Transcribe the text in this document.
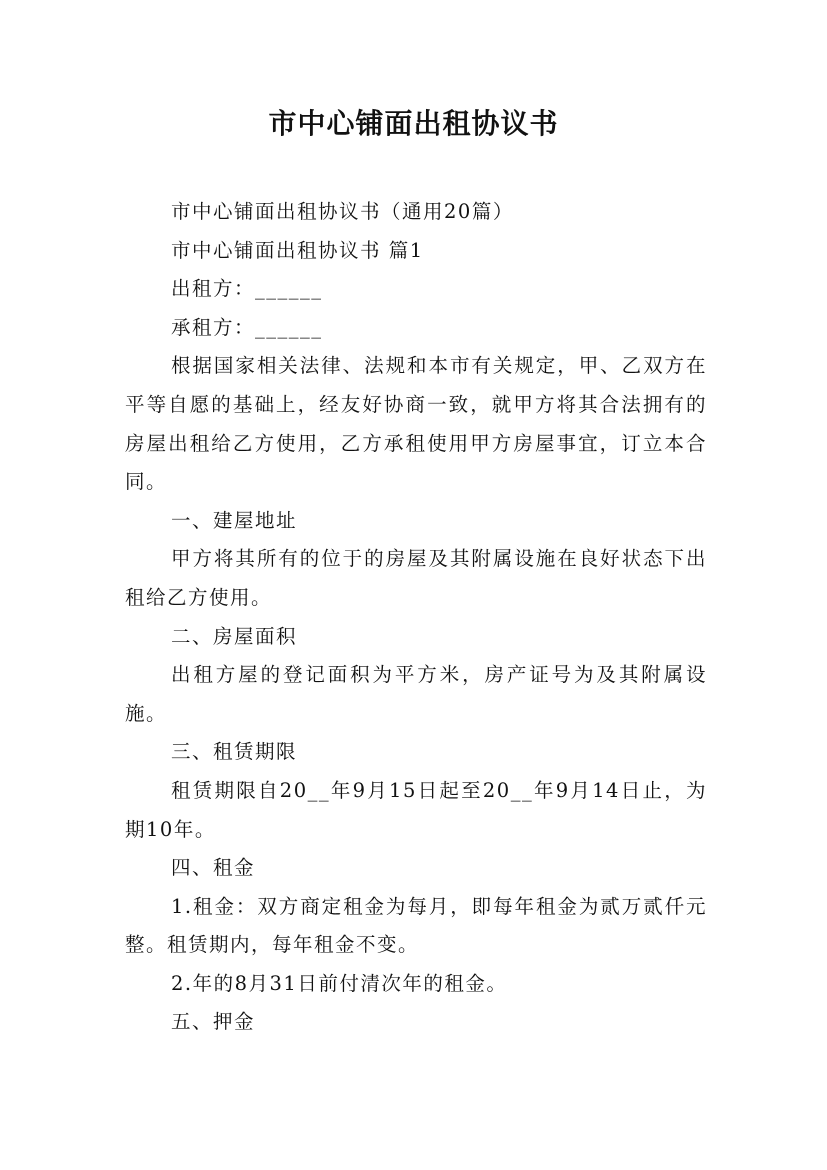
市中心铺面出租协议书

市中心铺面出租协议书（通用20篇）

市中心铺面出租协议书 篇1

出租方：______

承租方：______

根据国家相关法律、法规和本市有关规定，甲、乙双方在平等自愿的基础上，经友好协商一致，就甲方将其合法拥有的房屋出租给乙方使用，乙方承租使用甲方房屋事宜，订立本合同。

一、建屋地址

甲方将其所有的位于的房屋及其附属设施在良好状态下出租给乙方使用。

二、房屋面积

出租方屋的登记面积为平方米，房产证号为及其附属设施。

三、租赁期限

租赁期限自20__年9月15日起至20__年9月14日止，为期10年。

四、租金

1.租金：双方商定租金为每月，即每年租金为贰万贰仟元整。租赁期内，每年租金不变。

2.年的8月31日前付清次年的租金。

五、押金
